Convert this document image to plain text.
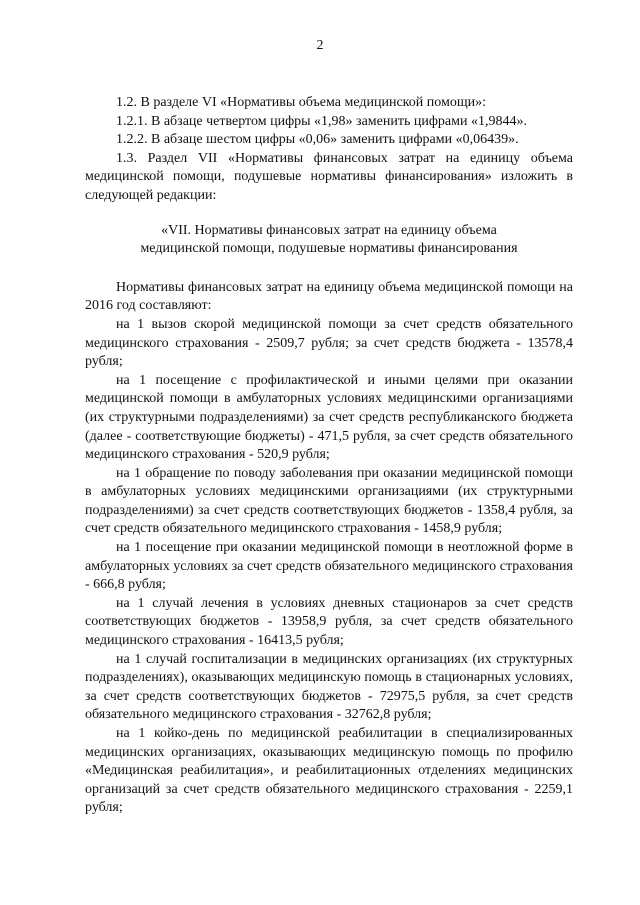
2

1.2. В разделе VI «Нормативы объема медицинской помощи»:

1.2.1. В абзаце четвертом цифры «1,98» заменить цифрами «1,9844».

1.2.2. В абзаце шестом цифры «0,06» заменить цифрами «0,06439».

1.3. Раздел VII «Нормативы финансовых затрат на единицу объема медицинской помощи, подушевые нормативы финансирования» изложить в следующей редакции:

«VII. Нормативы финансовых затрат на единицу объема
медицинской помощи, подушевые нормативы финансирования

Нормативы финансовых затрат на единицу объема медицинской помощи на 2016 год составляют:

на 1 вызов скорой медицинской помощи за счет средств обязательного медицинского страхования - 2509,7 рубля; за счет средств бюджета - 13578,4 рубля;

на 1 посещение с профилактической и иными целями при оказании медицинской помощи в амбулаторных условиях медицинскими организациями (их структурными подразделениями) за счет средств республиканского бюджета (далее - соответствующие бюджеты) - 471,5 рубля, за счет средств обязательного медицинского страхования - 520,9 рубля;

на 1 обращение по поводу заболевания при оказании медицинской помощи в амбулаторных условиях медицинскими организациями (их структурными подразделениями) за счет средств соответствующих бюджетов - 1358,4 рубля, за счет средств обязательного медицинского страхования - 1458,9 рубля;

на 1 посещение при оказании медицинской помощи в неотложной форме в амбулаторных условиях за счет средств обязательного медицинского страхования - 666,8 рубля;

на 1 случай лечения в условиях дневных стационаров за счет средств соответствующих бюджетов - 13958,9 рубля, за счет средств обязательного медицинского страхования - 16413,5 рубля;

на 1 случай госпитализации в медицинских организациях (их структурных подразделениях), оказывающих медицинскую помощь в стационарных условиях, за счет средств соответствующих бюджетов - 72975,5 рубля, за счет средств обязательного медицинского страхования - 32762,8 рубля;

на 1 койко-день по медицинской реабилитации в специализированных медицинских организациях, оказывающих медицинскую помощь по профилю «Медицинская реабилитация», и реабилитационных отделениях медицинских организаций за счет средств обязательного медицинского страхования - 2259,1 рубля;
